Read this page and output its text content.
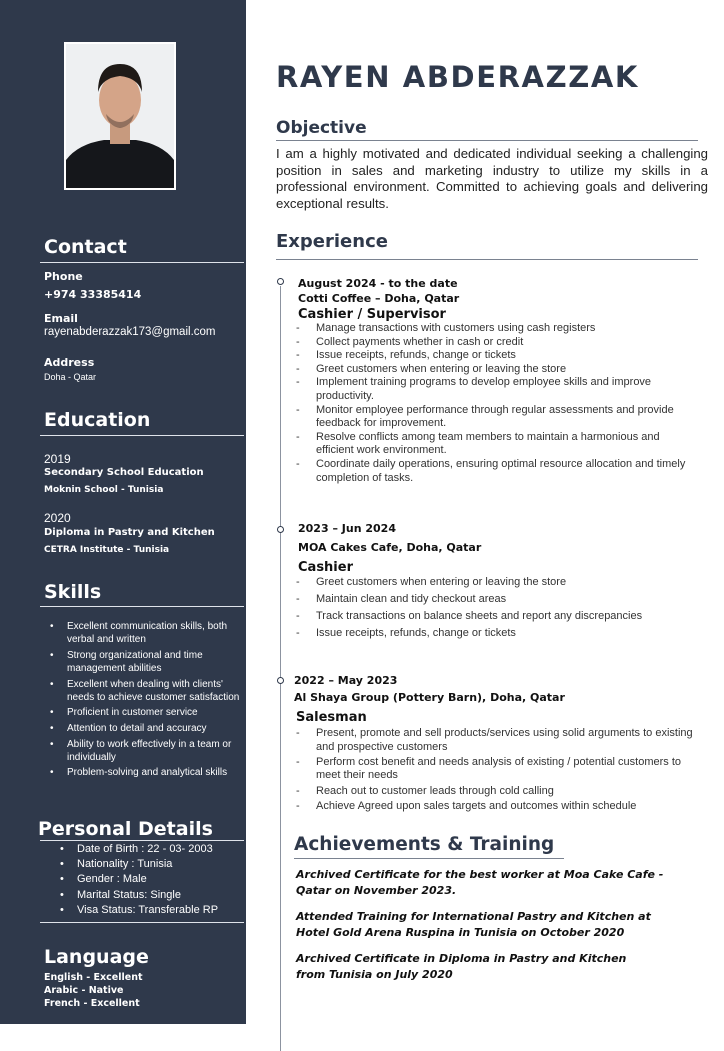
Contact
Phone
+974 33385414
Email
rayenabderazzak173@gmail.com
Address
Doha - Qatar
Education
2019
Secondary School Education
Moknin School - Tunisia
2020
Diploma in Pastry and Kitchen
CETRA Institute - Tunisia
Skills
• Excellent communication skills, both verbal and written
• Strong organizational and time management abilities
• Excellent when dealing with clients' needs to achieve customer satisfaction
• Proficient in customer service
• Attention to detail and accuracy
• Ability to work effectively in a team or individually
• Problem-solving and analytical skills
Personal Details
• Date of Birth : 22 - 03- 2003
• Nationality : Tunisia
• Gender : Male
• Marital Status: Single
• Visa Status: Transferable RP
Language
English - Excellent
Arabic - Native
French - Excellent
RAYEN ABDERAZZAK
Objective

I am a highly motivated and dedicated individual seeking a challenging position in sales and marketing industry to utilize my skills in a professional environment. Committed to achieving goals and delivering exceptional results.

Experience
August 2024 - to the date
Cotti Coffee – Doha, Qatar
Cashier / Supervisor
- Manage transactions with customers using cash registers
- Collect payments whether in cash or credit
- Issue receipts, refunds, change or tickets
- Greet customers when entering or leaving the store
- Implement training programs to develop employee skills and improve productivity.
- Monitor employee performance through regular assessments and provide feedback for improvement.
- Resolve conflicts among team members to maintain a harmonious and efficient work environment.
- Coordinate daily operations, ensuring optimal resource allocation and timely completion of tasks.
2023 – Jun 2024
MOA Cakes Cafe, Doha, Qatar
Cashier
- Greet customers when entering or leaving the store
- Maintain clean and tidy checkout areas
- Track transactions on balance sheets and report any discrepancies
- Issue receipts, refunds, change or tickets
2022 – May 2023
Al Shaya Group (Pottery Barn), Doha, Qatar
Salesman
- Present, promote and sell products/services using solid arguments to existing and prospective customers
- Perform cost benefit and needs analysis of existing / potential customers to meet their needs
- Reach out to customer leads through cold calling
- Achieve Agreed upon sales targets and outcomes within schedule
Achievements & Training

Archived Certificate for the best worker at Moa Cake Cafe - Qatar on November 2023.

Attended Training for International Pastry and Kitchen at Hotel Gold Arena Ruspina in Tunisia on October 2020

Archived Certificate in Diploma in Pastry and Kitchen from Tunisia on July 2020
